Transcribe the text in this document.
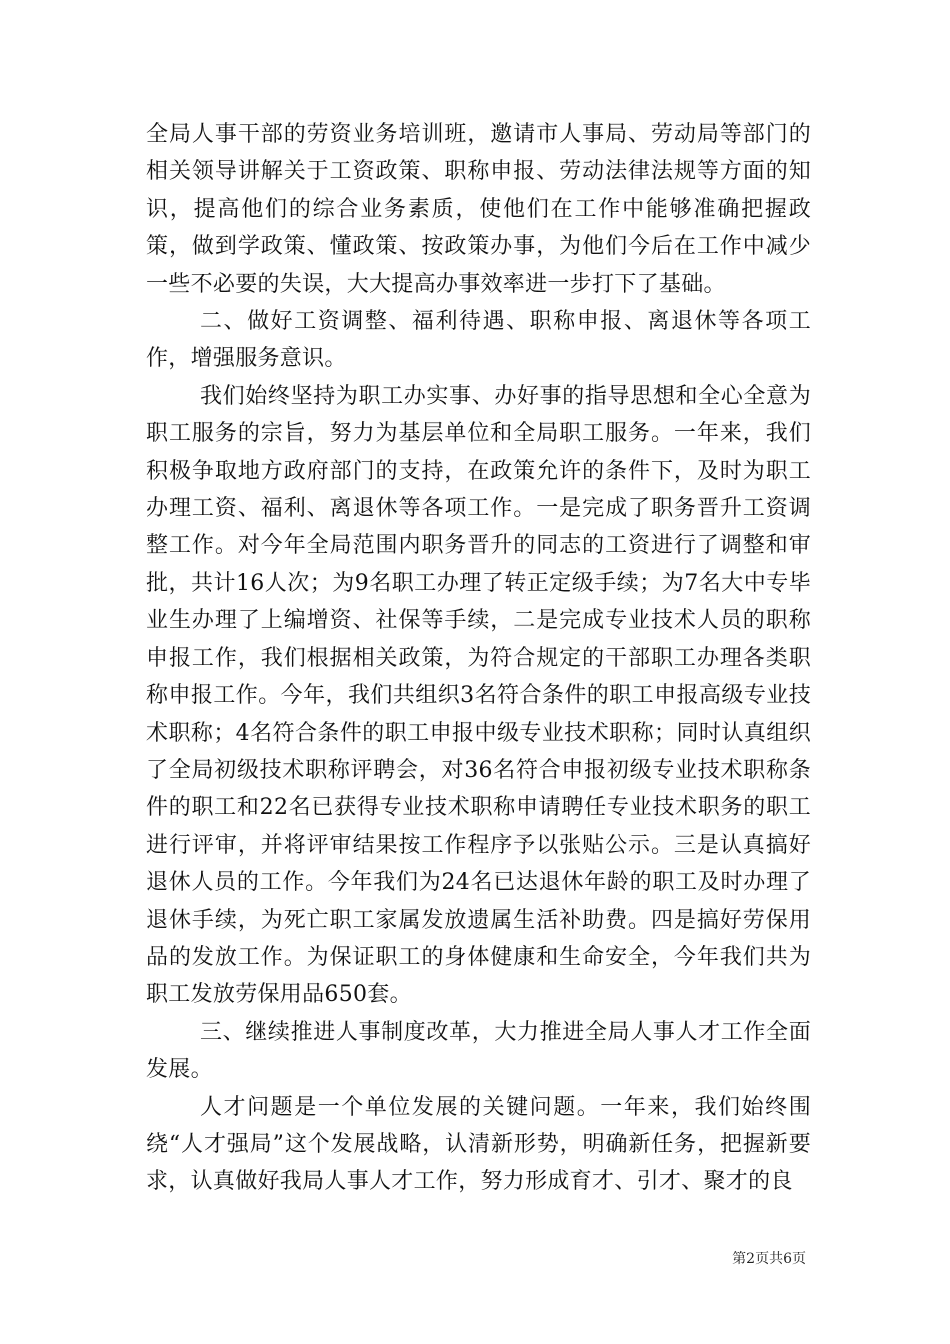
全局人事干部的劳资业务培训班，邀请市人事局、劳动局等部门的相关领导讲解关于工资政策、职称申报、劳动法律法规等方面的知识，提高他们的综合业务素质，使他们在工作中能够准确把握政策，做到学政策、懂政策、按政策办事，为他们今后在工作中减少一些不必要的失误，大大提高办事效率进一步打下了基础。

二、做好工资调整、福利待遇、职称申报、离退休等各项工作，增强服务意识。

我们始终坚持为职工办实事、办好事的指导思想和全心全意为职工服务的宗旨，努力为基层单位和全局职工服务。一年来，我们积极争取地方政府部门的支持，在政策允许的条件下，及时为职工办理工资、福利、离退休等各项工作。一是完成了职务晋升工资调整工作。对今年全局范围内职务晋升的同志的工资进行了调整和审批，共计16人次；为9名职工办理了转正定级手续；为7名大中专毕业生办理了上编增资、社保等手续，二是完成专业技术人员的职称申报工作，我们根据相关政策，为符合规定的干部职工办理各类职称申报工作。今年，我们共组织3名符合条件的职工申报高级专业技术职称；4名符合条件的职工申报中级专业技术职称；同时认真组织了全局初级技术职称评聘会，对36名符合申报初级专业技术职称条件的职工和22名已获得专业技术职称申请聘任专业技术职务的职工进行评审，并将评审结果按工作程序予以张贴公示。三是认真搞好退休人员的工作。今年我们为24名已达退休年龄的职工及时办理了退休手续，为死亡职工家属发放遗属生活补助费。四是搞好劳保用品的发放工作。为保证职工的身体健康和生命安全，今年我们共为职工发放劳保用品650套。

三、继续推进人事制度改革，大力推进全局人事人才工作全面发展。

人才问题是一个单位发展的关键问题。一年来，我们始终围绕“人才强局”这个发展战略，认清新形势，明确新任务，把握新要求，认真做好我局人事人才工作，努力形成育才、引才、聚才的良

第2页共6页
